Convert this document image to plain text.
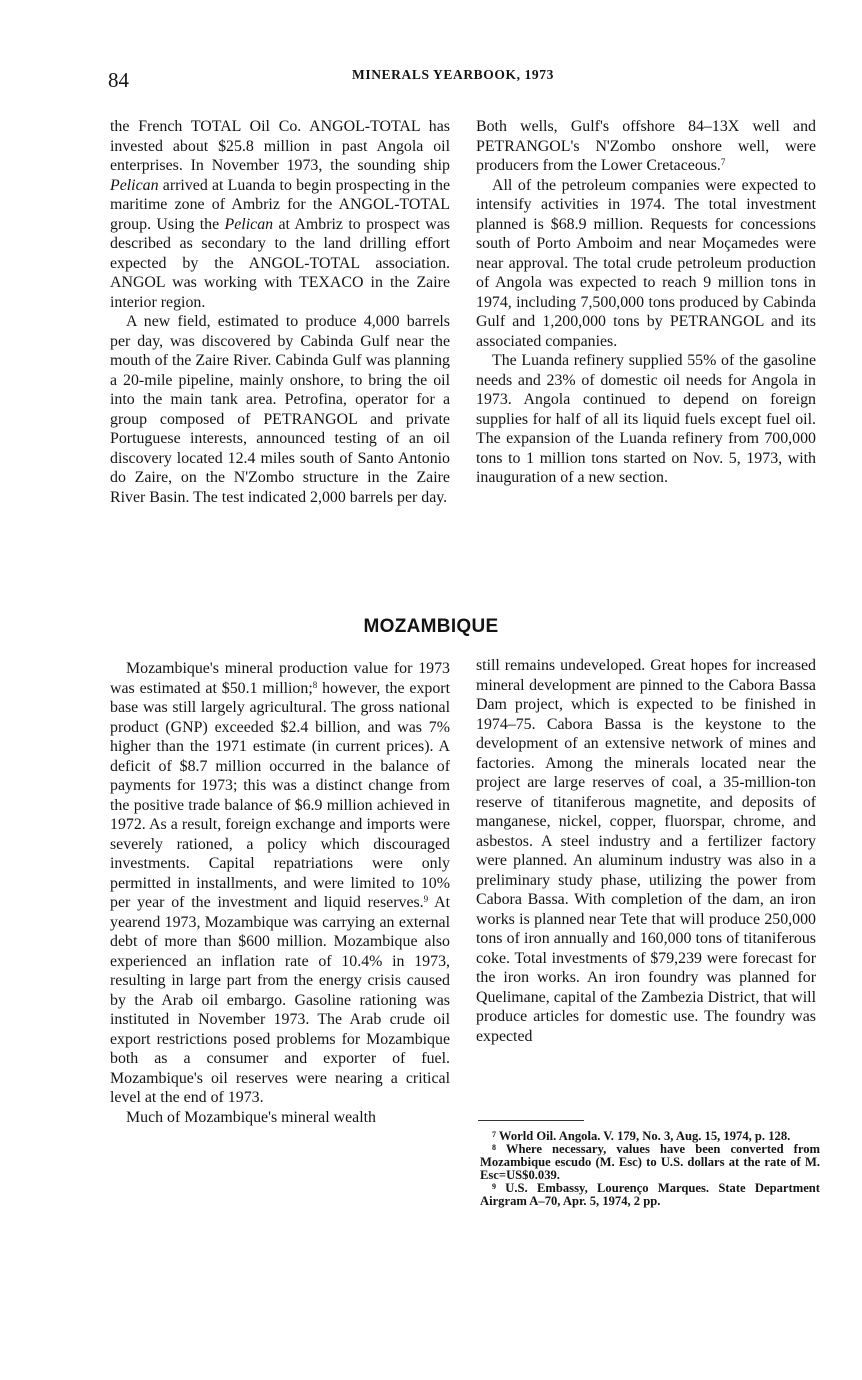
84	MINERALS YEARBOOK, 1973

the French TOTAL Oil Co. ANGOL-TOTAL has invested about $25.8 million in past Angola oil enterprises. In November 1973, the sounding ship Pelican arrived at Luanda to begin prospecting in the maritime zone of Ambriz for the ANGOL-TOTAL group. Using the Pelican at Ambriz to prospect was described as secondary to the land drilling effort expected by the ANGOL-TOTAL association. ANGOL was working with TEXACO in the Zaire interior region.

A new field, estimated to produce 4,000 barrels per day, was discovered by Cabinda Gulf near the mouth of the Zaire River. Cabinda Gulf was planning a 20-mile pipeline, mainly onshore, to bring the oil into the main tank area. Petrofina, operator for a group composed of PETRANGOL and private Portuguese interests, announced testing of an oil discovery located 12.4 miles south of Santo Antonio do Zaire, on the N'Zombo structure in the Zaire River Basin. The test indicated 2,000 barrels per day.

Both wells, Gulf's offshore 84–13X well and PETRANGOL's N'Zombo onshore well, were producers from the Lower Cretaceous.$^7$

All of the petroleum companies were expected to intensify activities in 1974. The total investment planned is $68.9 million. Requests for concessions south of Porto Amboim and near Moçamedes were near approval. The total crude petroleum production of Angola was expected to reach 9 million tons in 1974, including 7,500,000 tons produced by Cabinda Gulf and 1,200,000 tons by PETRANGOL and its associated companies.

The Luanda refinery supplied 55% of the gasoline needs and 23% of domestic oil needs for Angola in 1973. Angola continued to depend on foreign supplies for half of all its liquid fuels except fuel oil. The expansion of the Luanda refinery from 700,000 tons to 1 million tons started on Nov. 5, 1973, with inauguration of a new section.

MOZAMBIQUE

Mozambique's mineral production value for 1973 was estimated at $50.1 million;$^8$ however, the export base was still largely agricultural. The gross national product (GNP) exceeded $2.4 billion, and was 7% higher than the 1971 estimate (in current prices). A deficit of $8.7 million occurred in the balance of payments for 1973; this was a distinct change from the positive trade balance of $6.9 million achieved in 1972. As a result, foreign exchange and imports were severely rationed, a policy which discouraged investments. Capital repatriations were only permitted in installments, and were limited to 10% per year of the investment and liquid reserves.$^9$ At yearend 1973, Mozambique was carrying an external debt of more than $600 million. Mozambique also experienced an inflation rate of 10.4% in 1973, resulting in large part from the energy crisis caused by the Arab oil embargo. Gasoline rationing was instituted in November 1973. The Arab crude oil export restrictions posed problems for Mozambique both as a consumer and exporter of fuel. Mozambique's oil reserves were nearing a critical level at the end of 1973.

Much of Mozambique's mineral wealth

still remains undeveloped. Great hopes for increased mineral development are pinned to the Cabora Bassa Dam project, which is expected to be finished in 1974–75. Cabora Bassa is the keystone to the development of an extensive network of mines and factories. Among the minerals located near the project are large reserves of coal, a 35-million-ton reserve of titaniferous magnetite, and deposits of manganese, nickel, copper, fluorspar, chrome, and asbestos. A steel industry and a fertilizer factory were planned. An aluminum industry was also in a preliminary study phase, utilizing the power from Cabora Bassa. With completion of the dam, an iron works is planned near Tete that will produce 250,000 tons of iron annually and 160,000 tons of titaniferous coke. Total investments of $79,239 were forecast for the iron works. An iron foundry was planned for Quelimane, capital of the Zambezia District, that will produce articles for domestic use. The foundry was expected

$^7$ World Oil. Angola. V. 179, No. 3, Aug. 15, 1974, p. 128.

$^8$ Where necessary, values have been converted from Mozambique escudo (M. Esc) to U.S. dollars at the rate of M. Esc=US$0.039.

$^9$ U.S. Embassy, Lourenço Marques. State Department Airgram A–70, Apr. 5, 1974, 2 pp.
